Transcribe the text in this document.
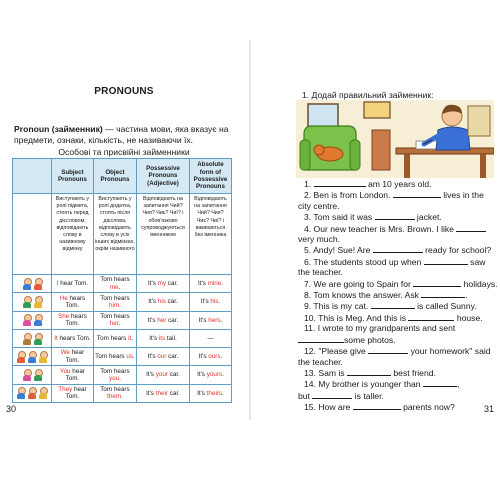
PRONOUNS
Pronoun (займенник) — частина мови, яка вказує на предмети, ознаки, кількість, не називаючи їх.
Особові та присвійні займенники
	Subject Pronouns	Object Pronouns	Possessive Pronouns (Adjective)	Absolute form of Possessive Pronouns
	Виступають у ролі підмета, стоять перед дієсловом, відповідають слову в називному відмінку	Виступають у ролі додатка, стоять після дієслова, відповідають слову в усіх інших відмінках, окрім називного	Відповідають на запитання Чий? Чия? Чиє? Чиї? і обов'язково супроводжуються іменником	Відповідають на запитання Чий? Чия? Чиє? Чиї? і вживаються без іменника

	I hear Tom.	Tom hears me.	It's my car.	It's mine.

	He hears Tom.	Tom hears him.	It's his car.	It's his.

	She hears Tom.	Tom hears her.	It's her car.	It's hers.

	It hears Tom.	Tom hears it.	It's its tail.	—

	We hear Tom.	Tom hears us.	It's our car.	It's ours.

	You hear Tom.	Tom hears you.	It's your car.	It's yours.

	They hear Tom.	Tom hears them.	It's their car.	It's theirs.
30	31
1. Додай правильний займенник:
1.	am 10 years old.
2. Ben is from London.	lives in the
city centre.
3. Tom said it was	jacket.
4. Our new teacher is Mrs. Brown. I like
very much.
5. Andy! Sue! Are	ready for school?
6. The students stood up when	saw
the teacher.
7. We are going to Spain for	holidays.
8. Tom knows the answer. Ask	.
9. This is my cat.	is called Sunny.
10. This is Meg. And this is	house.
11. I wrote to my grandparents and sent
some photos.
12. "Please give	your homework" said
the teacher.
13. Sam is	best friend.
14. My brother is younger than	,
but	is taller.
15. How are	parents now?
